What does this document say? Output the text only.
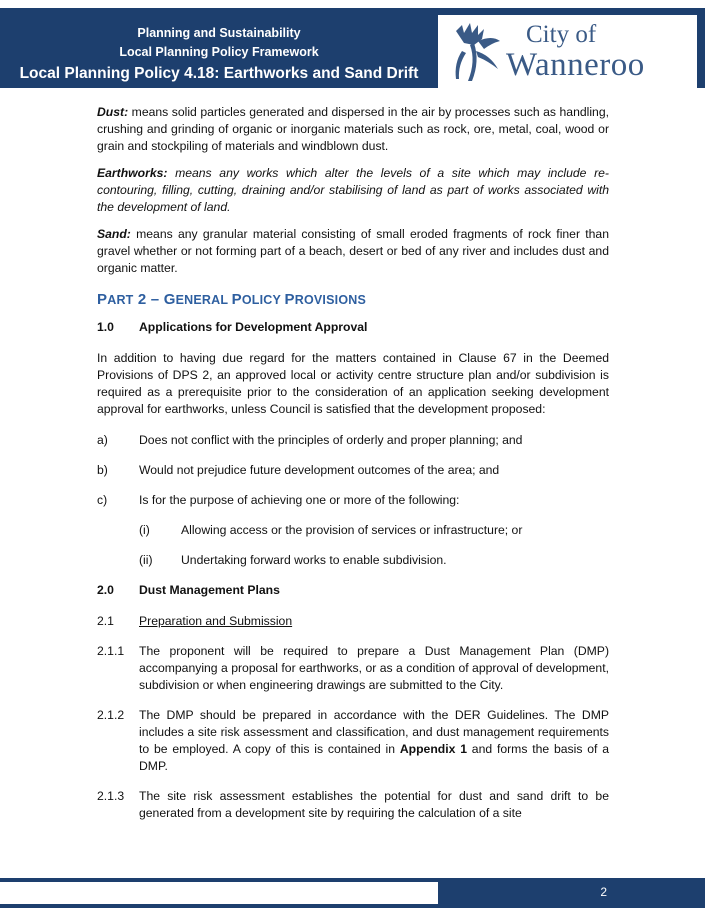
Planning and Sustainability
Local Planning Policy Framework
Local Planning Policy 4.18: Earthworks and Sand Drift
City of
Wanneroo

Dust: means solid particles generated and dispersed in the air by processes such as handling, crushing and grinding of organic or inorganic materials such as rock, ore, metal, coal, wood or grain and stockpiling of materials and windblown dust.

Earthworks: means any works which alter the levels of a site which may include re-contouring, filling, cutting, draining and/or stabilising of land as part of works associated with the development of land.

Sand: means any granular material consisting of small eroded fragments of rock finer than gravel whether or not forming part of a beach, desert or bed of any river and includes dust and organic matter.

PART 2 – GENERAL POLICY PROVISIONS
1.0	Applications for Development Approval

In addition to having due regard for the matters contained in Clause 67 in the Deemed Provisions of DPS 2, an approved local or activity centre structure plan and/or subdivision is required as a prerequisite prior to the consideration of an application seeking development approval for earthworks, unless Council is satisfied that the development proposed:

a)	Does not conflict with the principles of orderly and proper planning; and
b)	Would not prejudice future development outcomes of the area; and
c)	Is for the purpose of achieving one or more of the following:
(i)	Allowing access or the provision of services or infrastructure; or
(ii)	Undertaking forward works to enable subdivision.
2.0	Dust Management Plans
2.1	Preparation and Submission
2.1.1	The proponent will be required to prepare a Dust Management Plan (DMP) accompanying a proposal for earthworks, or as a condition of approval of development, subdivision or when engineering drawings are submitted to the City.
2.1.2	The DMP should be prepared in accordance with the DER Guidelines. The DMP includes a site risk assessment and classification, and dust management requirements to be employed. A copy of this is contained in Appendix 1 and forms the basis of a DMP.
2.1.3	The site risk assessment establishes the potential for dust and sand drift to be generated from a development site by requiring the calculation of a site
2
